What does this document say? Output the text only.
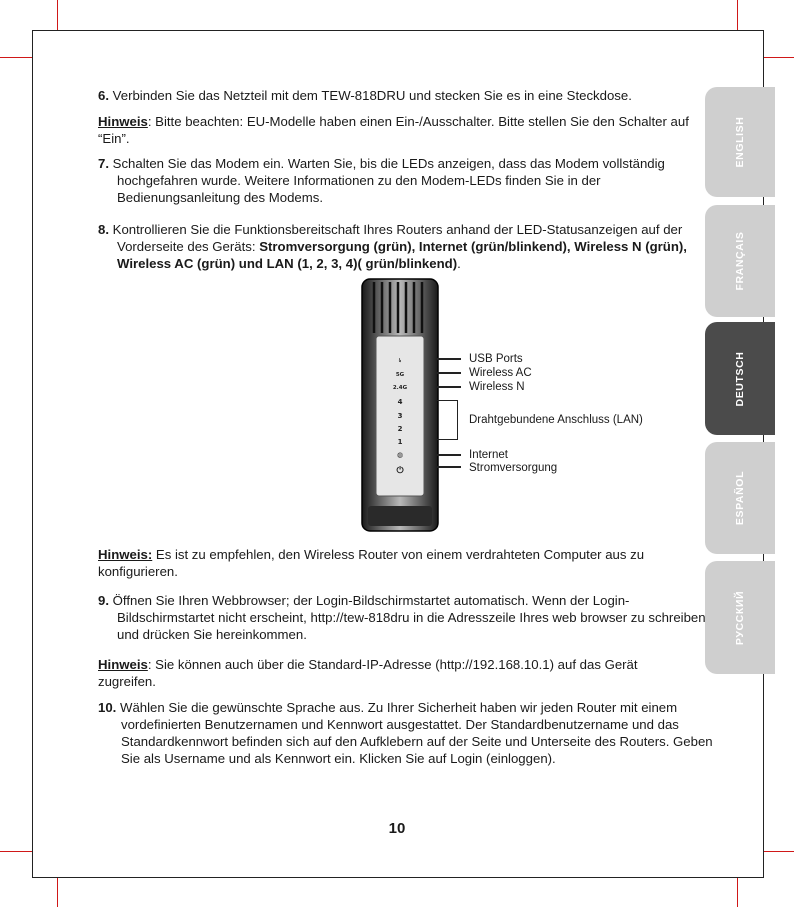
ENGLISH
FRANÇAIS
DEUTSCH
ESPAÑOL
РУССКИЙ

6. Verbinden Sie das Netzteil mit dem TEW-818DRU und stecken Sie es in eine Steckdose.

Hinweis: Bitte beachten: EU-Modelle haben einen Ein-/Ausschalter. Bitte stellen Sie den Schalter auf “Ein”.

7. Schalten Sie das Modem ein. Warten Sie, bis die LEDs anzeigen, dass das Modem vollständig hochgefahren wurde. Weitere Informationen zu den Modem-LEDs finden Sie in der Bedienungsanleitung des Modems.

8. Kontrollieren Sie die Funktionsbereitschaft Ihres Routers anhand der LED-Statusanzeigen auf der Vorderseite des Geräts: Stromversorgung (grün), Internet (grün/blinkend), Wireless N (grün), Wireless AC (grün) und LAN (1, 2, 3, 4)( grün/blinkend).

⭏
5G
2.4G
4
3
2
1
◍
⏻
USB Ports
Wireless AC
Wireless N
Drahtgebundene Anschluss (LAN)
Internet
Stromversorgung

Hinweis: Es ist zu empfehlen, den Wireless Router von einem verdrahteten Computer aus zu konfigurieren.

9. Öffnen Sie Ihren Webbrowser; der Login-Bildschirmstartet automatisch. Wenn der Login-Bildschirmstartet nicht erscheint, http://tew-818dru in die Adresszeile Ihres web browser zu schreiben und drücken Sie hereinkommen.

Hinweis: Sie können auch über die Standard-IP-Adresse (http://192.168.10.1) auf das Gerät zugreifen.

10. Wählen Sie die gewünschte Sprache aus. Zu Ihrer Sicherheit haben wir jeden Router mit einem vordefinierten Benutzernamen und Kennwort ausgestattet. Der Standardbenutzername und das Standardkennwort befinden sich auf den Aufklebern auf der Seite und Unterseite des Routers. Geben Sie als Username und als Kennwort ein. Klicken Sie auf Login (einloggen).

10
